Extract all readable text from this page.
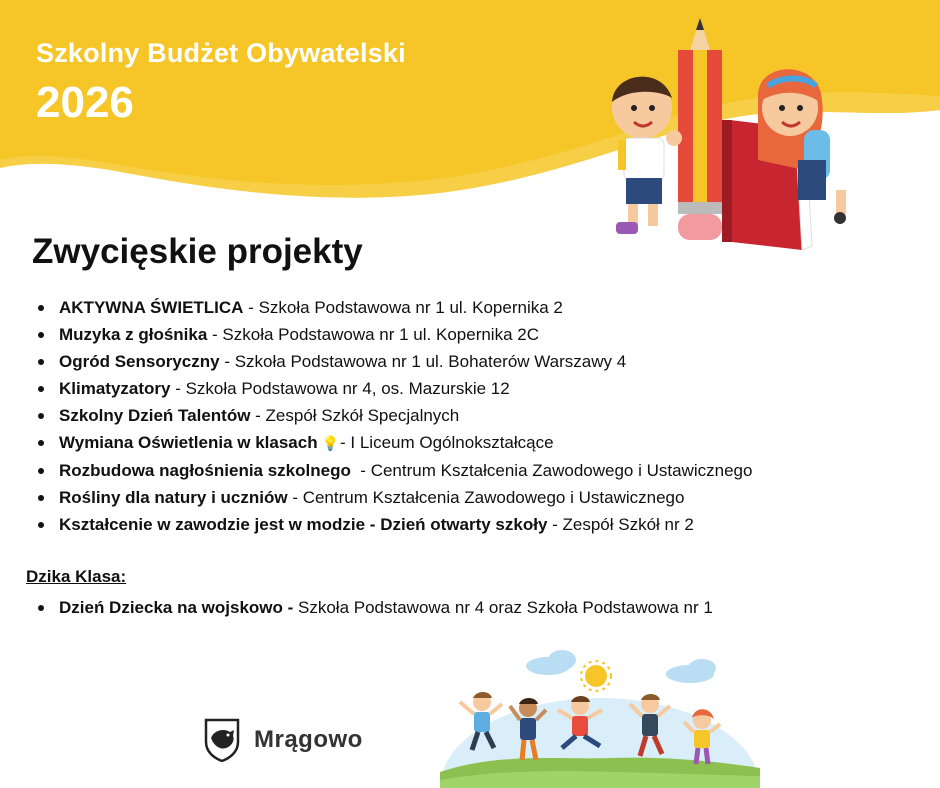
Szkolny Budżet Obywatelski
2026
Zwycięskie projekty
AKTYWNA ŚWIETLICA - Szkoła Podstawowa nr 1 ul. Kopernika 2
Muzyka z głośnika - Szkoła Podstawowa nr 1 ul. Kopernika 2C
Ogród Sensoryczny - Szkoła Podstawowa nr 1 ul. Bohaterów Warszawy 4
Klimatyzatory - Szkoła Podstawowa nr 4, os. Mazurskie 12
Szkolny Dzień Talentów - Zespół Szkół Specjalnych
Wymiana Oświetlenia w klasach 💡- I Liceum Ogólnokształcące
Rozbudowa nagłośnienia szkolnego  - Centrum Kształcenia Zawodowego i Ustawicznego
Rośliny dla natury i uczniów - Centrum Kształcenia Zawodowego i Ustawicznego
Kształcenie w zawodzie jest w modzie - Dzień otwarty szkoły - Zespół Szkół nr 2
Dzika Klasa:
Dzień Dziecka na wojskowo - Szkoła Podstawowa nr 4 oraz Szkoła Podstawowa nr 1
Mrągowo
